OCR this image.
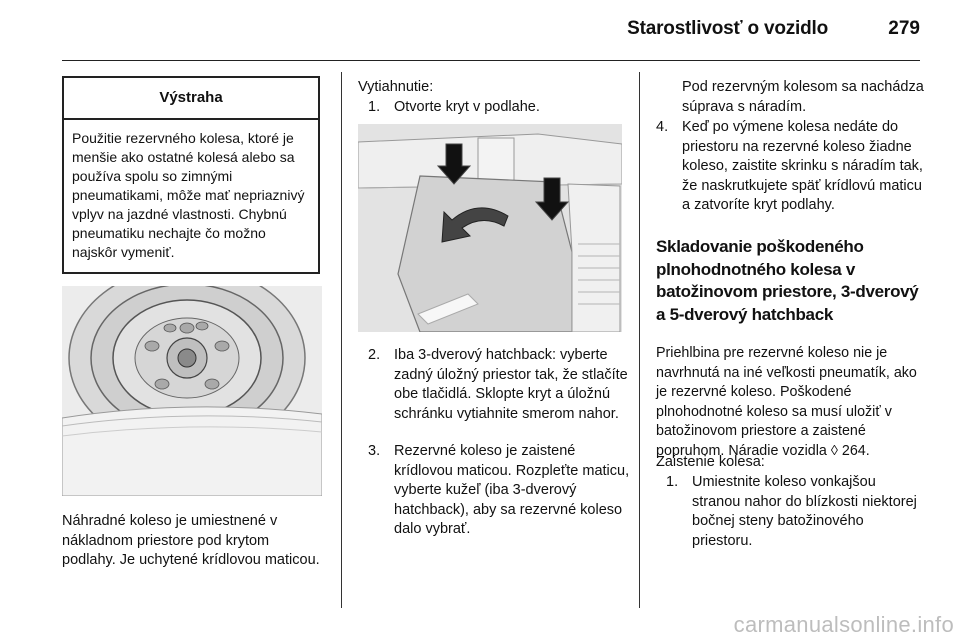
Starostlivosť o vozidlo	279
Výstraha
Použitie rezervného kolesa, ktoré je menšie ako ostatné kolesá alebo sa používa spolu so zimnými pneumatikami, môže mať nepriaznivý vplyv na jazdné vlastnosti. Chybnú pneumatiku nechajte čo možno najskôr vymeniť.
Náhradné koleso je umiestnené v nákladnom priestore pod krytom podlahy. Je uchytené krídlovou maticou.
Vytiahnutie:
1. Otvorte kryt v podlahe.
2. Iba 3-dverový hatchback: vyberte zadný úložný priestor tak, že stlačíte obe tlačidlá. Sklopte kryt a úložnú schránku vytiahnite smerom nahor.
3. Rezervné koleso je zaistené krídlovou maticou. Rozpleťte maticu, vyberte kužeľ (iba 3-dverový hatchback), aby sa rezervné koleso dalo vybrať.
Pod rezervným kolesom sa nachádza súprava s náradím.
4. Keď po výmene kolesa nedáte do priestoru na rezervné koleso žiadne koleso, zaistite skrinku s náradím tak, že naskrutkujete späť krídlovú maticu a zatvoríte kryt podlahy.
Skladovanie poškodeného plnohodnotného kolesa v batožinovom priestore, 3-dverový a 5-dverový hatchback
Priehlbina pre rezervné koleso nie je navrhnutá na iné veľkosti pneumatík, ako je rezervné koleso. Poškodené plnohodnotné koleso sa musí uložiť v batožinovom priestore a zaistené popruhom. Náradie vozidla ◊ 264.
Zaistenie kolesa:
1. Umiestnite koleso vonkajšou stranou nahor do blízkosti niektorej bočnej steny batožinového priestoru.
carmanualsonline.info
